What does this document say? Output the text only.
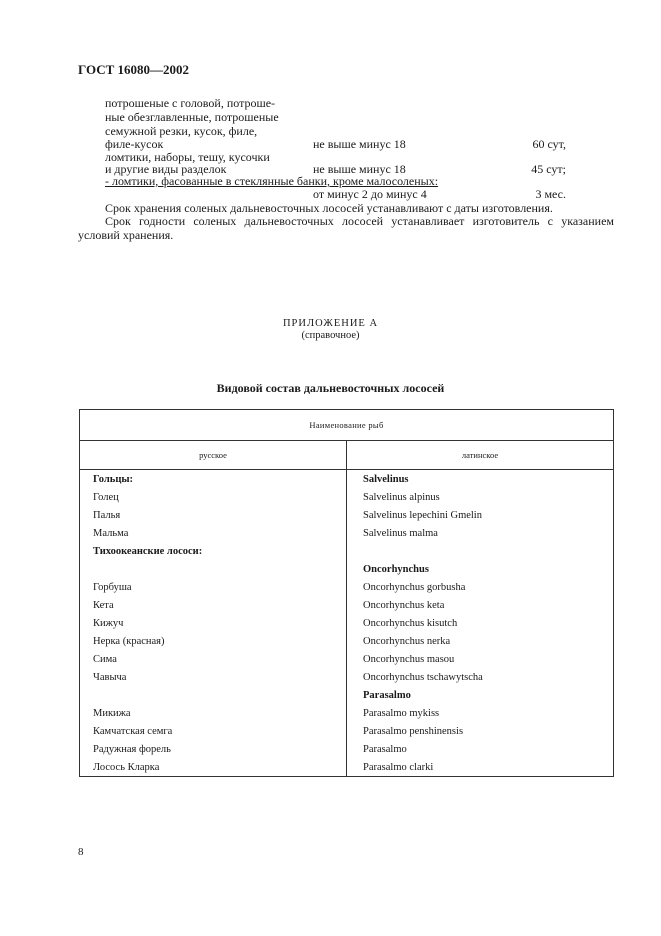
ГОСТ 16080—2002
потрошеные с головой, потроше-
ные обезглавленные, потрошеные
семужной резки, кусок, филе,
филе-кусок	не выше минус 18	60 сут,
ломтики, наборы, тешу, кусочки
и другие виды разделок	не выше минус 18	45 сут;
- ломтики, фасованные в стеклянные банки, кроме малосоленых:
от минус 2 до минус 4	3 мес.
Срок хранения соленых дальневосточных лососей устанавливают с даты изготовления.
Срок годности соленых дальневосточных лососей устанавливает изготовитель с указанием условий хранения.
ПРИЛОЖЕНИЕ А
(справочное)
Видовой состав дальневосточных лососей
Наименование рыб	
русское	латинское
Гольцы:	Salvelinus
Голец	Salvelinus alpinus
Палья	Salvelinus lepechini Gmelin
Мальма	Salvelinus malma
Тихоокеанские лососи:	
	Oncorhynchus
Горбуша	Oncorhynchus gorbusha
Кета	Oncorhynchus keta
Кижуч	Oncorhynchus kisutch
Нерка (красная)	Oncorhynchus nerka
Сима	Oncorhynchus masou
Чавыча	Oncorhynchus tschawytscha
	Parasalmo
Микижа	Parasalmo mykiss
Камчатская семга	Parasalmo penshinensis
Радужная форель	Parasalmo
Лосось Кларка	Parasalmo clarki
8
